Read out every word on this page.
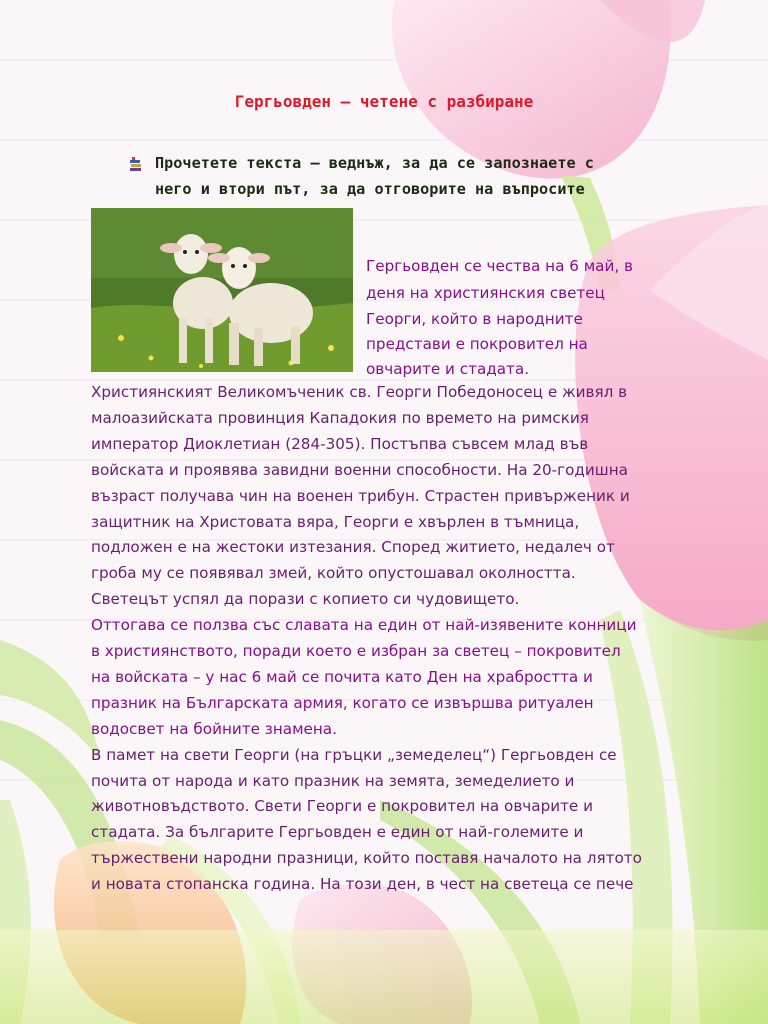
Гергьовден – четене с разбиране
Прочетете текста – веднъж, за да се запознаете с
него и втори път, за да отговорите на въпросите
Гергьовден се чества на 6 май, в
деня на християнския светец
Георги, който в народните
представи е покровител на
овчарите и стадата.
Християнският Великомъченик св. Георги Победоносец е живял в
малоазийската провинция Кападокия по времето на римския
император Диоклетиан (284-305). Постъпва съвсем млад във
войската и проявява завидни военни способности. На 20-годишна
възраст получава чин на военен трибун. Страстен привърженик и
защитник на Христовата вяра, Георги е хвърлен в тъмница,
подложен е на жестоки изтезания. Според житието, недалеч от
гроба му се появявал змей, който опустошавал околността.
Светецът успял да порази с копието си чудовището.
Оттогава се ползва със славата на един от най-изявените конници
в християнството, поради което е избран за светец – покровител
на войската – у нас 6 май се почита като Ден на храбростта и
празник на Българската армия, когато се извършва ритуален
водосвет на бойните знамена.
В памет на свети Георги (на гръцки „земеделец“) Гергьовден се
почита от народа и като празник на земята, земеделието и
животновъдството. Свети Георги е покровител на овчарите и
стадата. За българите Гергьовден е един от най-големите и
тържествени народни празници, който поставя началото на лятото
и новата стопанска година. На този ден, в чест на светеца се пече
